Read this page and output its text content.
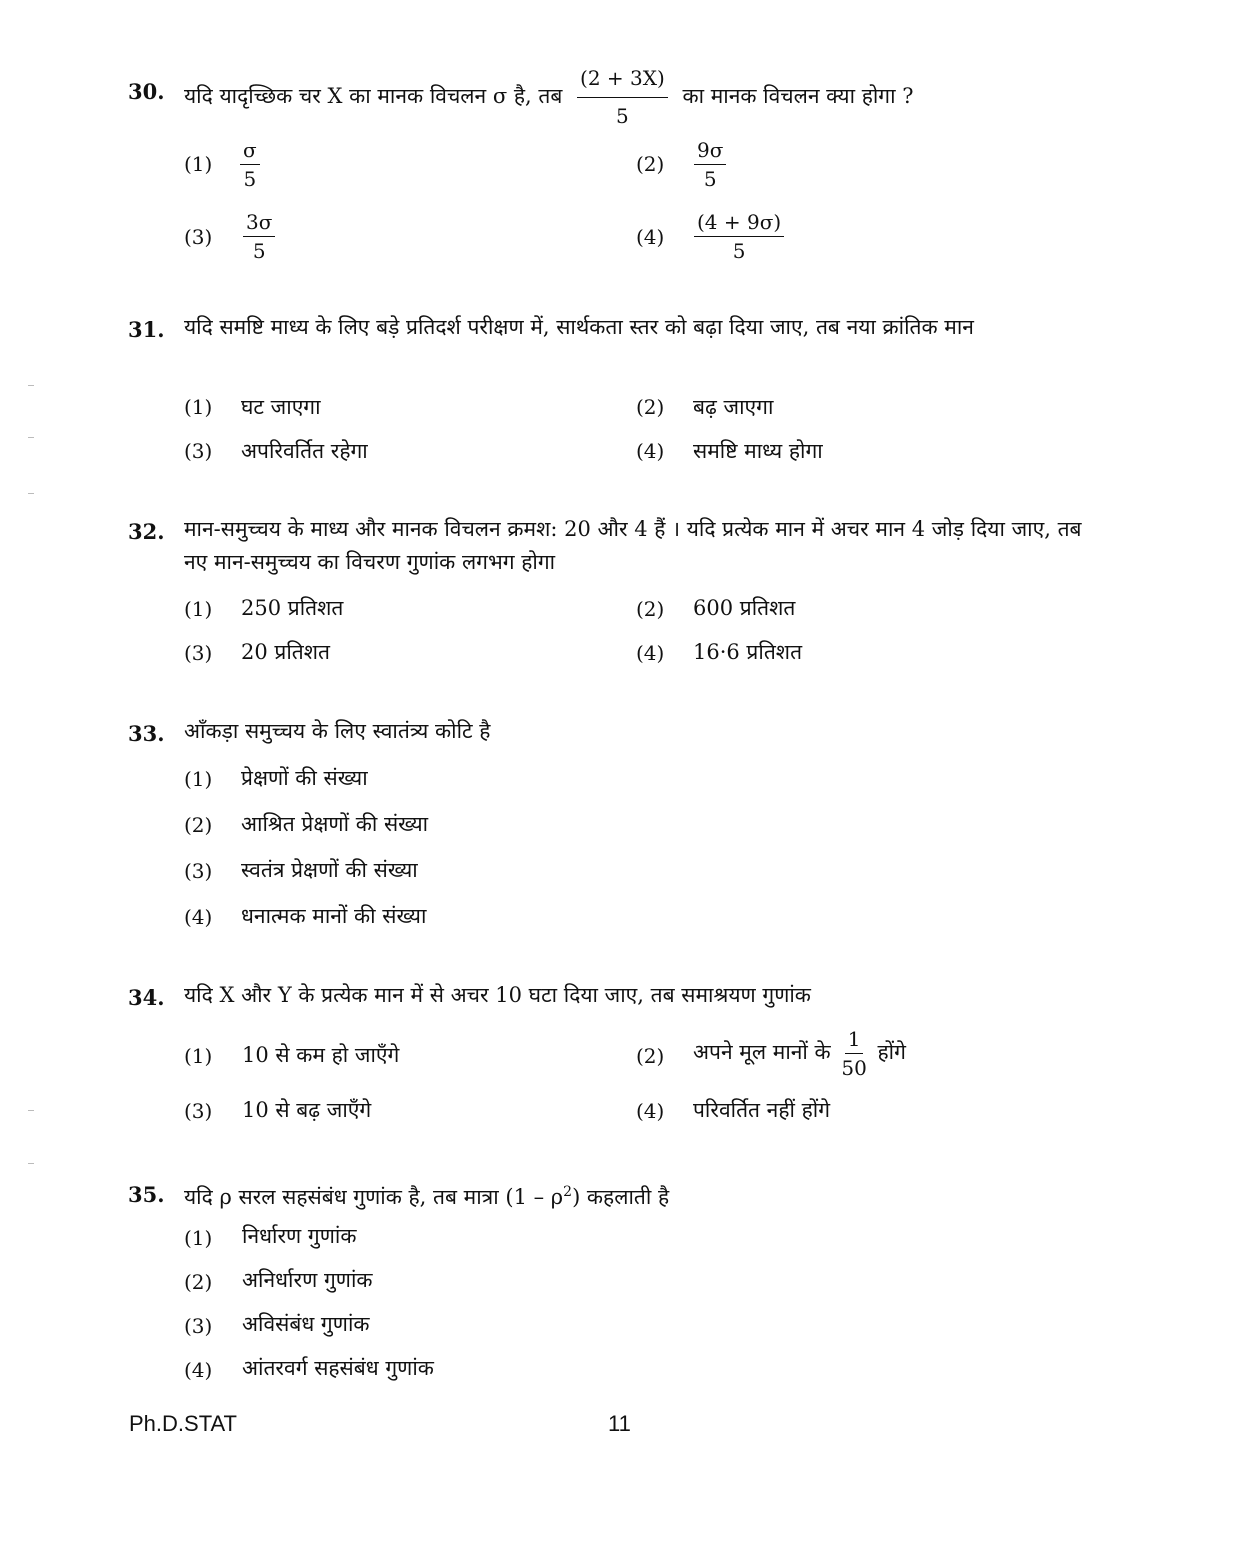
30. यदि यादृच्छिक चर X का मानक विचलन σ है, तब $\frac{(2 + 3X)}{5}$ का मानक विचलन क्या होगा ?
$(1) \frac{\sigma}{5}$	$(2) \frac{9\sigma}{5}$
$(3) \frac{3\sigma}{5}$	$(4) \frac{(4 + 9\sigma)}{5}$
31. यदि समष्टि माध्य के लिए बड़े प्रतिदर्श परीक्षण में, सार्थकता स्तर को बढ़ा दिया जाए, तब नया क्रांतिक मान
(1) घट जाएगा	(2) बढ़ जाएगा
(3) अपरिवर्तित रहेगा	(4) समष्टि माध्य होगा
32. मान-समुच्चय के माध्य और मानक विचलन क्रमश: 20 और 4 हैं । यदि प्रत्येक मान में अचर मान 4 जोड़ दिया जाए, तब नए मान-समुच्चय का विचरण गुणांक लगभग होगा
(1) 250 प्रतिशत	(2) 600 प्रतिशत
(3) 20 प्रतिशत	(4) 16·6 प्रतिशत
33. आँकड़ा समुच्चय के लिए स्वातंत्र्य कोटि है
(1) प्रेक्षणों की संख्या
(2) आश्रित प्रेक्षणों की संख्या
(3) स्वतंत्र प्रेक्षणों की संख्या
(4) धनात्मक मानों की संख्या
34. यदि X और Y के प्रत्येक मान में से अचर 10 घटा दिया जाए, तब समाश्रयण गुणांक
(1) 10 से कम हो जाएँगे	(2) अपने मूल मानों के $\frac{1}{50}$ होंगे
(3) 10 से बढ़ जाएँगे	(4) परिवर्तित नहीं होंगे
35. यदि ρ सरल सहसंबंध गुणांक है, तब मात्रा $(1 - \rho^2)$ कहलाती है
(1) निर्धारण गुणांक
(2) अनिर्धारण गुणांक
(3) अविसंबंध गुणांक
(4) आंतरवर्ग सहसंबंध गुणांक
Ph.D.STAT	11
